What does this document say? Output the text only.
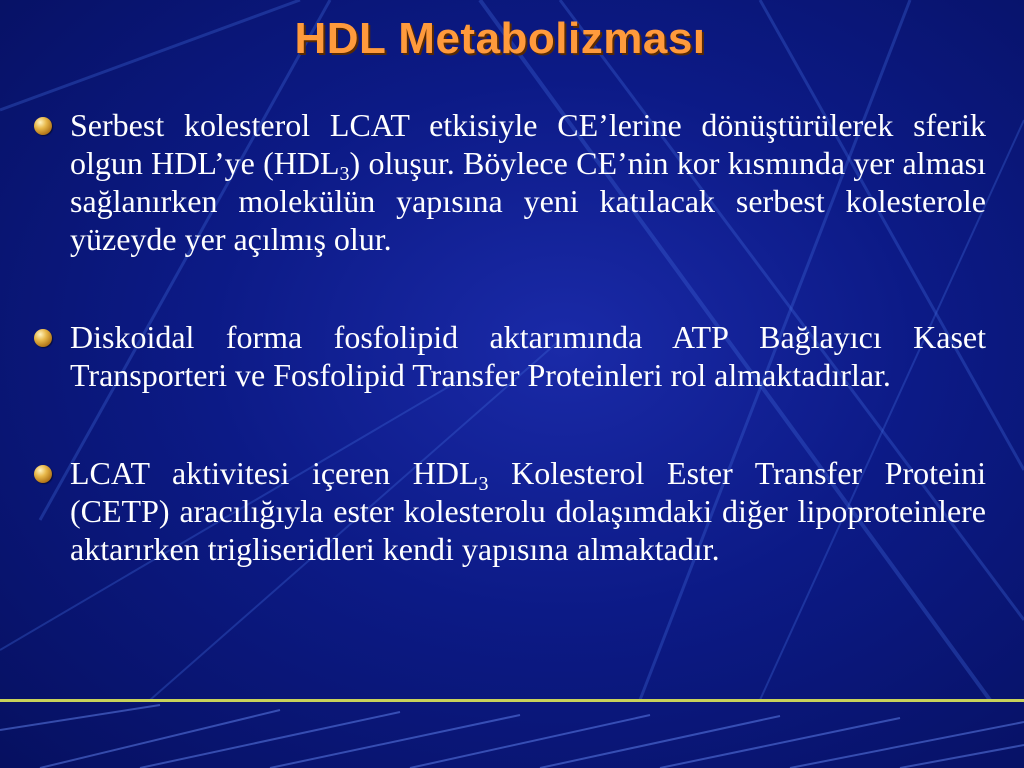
HDL Metabolizması
Serbest kolesterol LCAT etkisiyle CE’lerine dönüştürülerek sferik olgun HDL’ye $(HDL_3)$ oluşur. Böylece CE’nin kor kısmında yer alması sağlanırken molekülün yapısına yeni katılacak serbest kolesterole yüzeyde yer açılmış olur.
Diskoidal forma fosfolipid aktarımında ATP Bağlayıcı Kaset Transporteri ve Fosfolipid Transfer Proteinleri rol almaktadırlar.
LCAT aktivitesi içeren $HDL_3$ Kolesterol Ester Transfer Proteini (CETP) aracılığıyla ester kolesterolu dolaşımdaki diğer lipoproteinlere aktarırken trigliseridleri kendi yapısına almaktadır.
